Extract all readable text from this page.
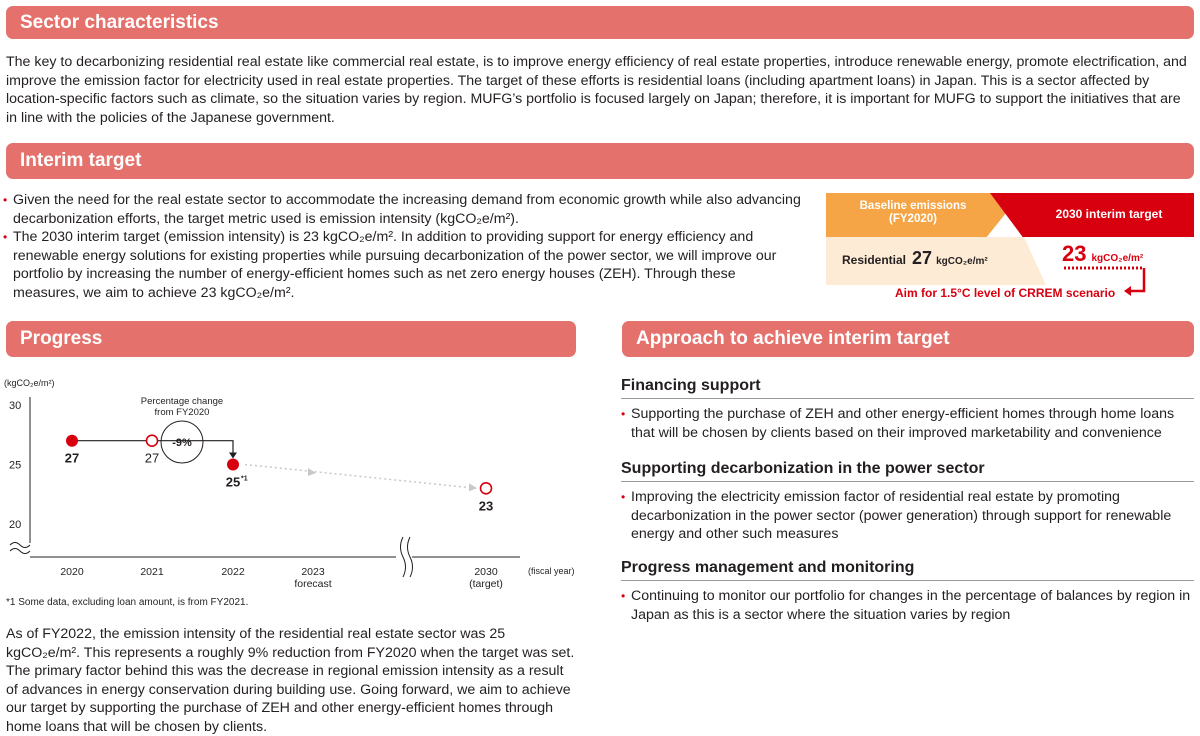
Sector characteristics

The key to decarbonizing residential real estate like commercial real estate, is to improve energy efficiency of real estate properties, introduce renewable energy, promote electrification, and improve the emission factor for electricity used in real estate properties. The target of these efforts is residential loans (including apartment loans) in Japan. This is a sector affected by location-specific factors such as climate, so the situation varies by region. MUFG’s portfolio is focused largely on Japan; therefore, it is important for MUFG to support the initiatives that are in line with the policies of the Japanese government.

Interim target
• Given the need for the real estate sector to accommodate the increasing demand from economic growth while also advancing decarbonization efforts, the target metric used is emission intensity (kgCO₂e/m²).
• The 2030 interim target (emission intensity) is 23 kgCO₂e/m². In addition to providing support for energy efficiency and renewable energy solutions for existing properties while pursuing decarbonization of the power sector, we will improve our portfolio by increasing the number of energy-efficient homes such as net zero energy houses (ZEH). Through these measures, we aim to achieve 23 kgCO₂e/m².
Baseline emissions
(FY2020)	2030 interim target
Residential 27 kgCO₂e/m²	23 kgCO₂e/m²
Aim for 1.5°C level of CRREM scenario
Progress
(kgCO₂e/m²)
(fiscal year)
Percentage change
from FY2020
-9%
30
25
20
2020	2021	2022	2023
forecast
2030
(target)
27	27
25 *1
23
*1 Some data, excluding loan amount, is from FY2021.

As of FY2022, the emission intensity of the residential real estate sector was 25 kgCO₂e/m². This represents a roughly 9% reduction from FY2020 when the target was set. The primary factor behind this was the decrease in regional emission intensity as a result of advances in energy conservation during building use. Going forward, we aim to achieve our target by supporting the purchase of ZEH and other energy-efficient homes through home loans that will be chosen by clients.

Approach to achieve interim target
Financing support
• Supporting the purchase of ZEH and other energy-efficient homes through home loans that will be chosen by clients based on their improved marketability and convenience
Supporting decarbonization in the power sector
• Improving the electricity emission factor of residential real estate by promoting decarbonization in the power sector (power generation) through support for renewable energy and other such measures
Progress management and monitoring
• Continuing to monitor our portfolio for changes in the percentage of balances by region in Japan as this is a sector where the situation varies by region
